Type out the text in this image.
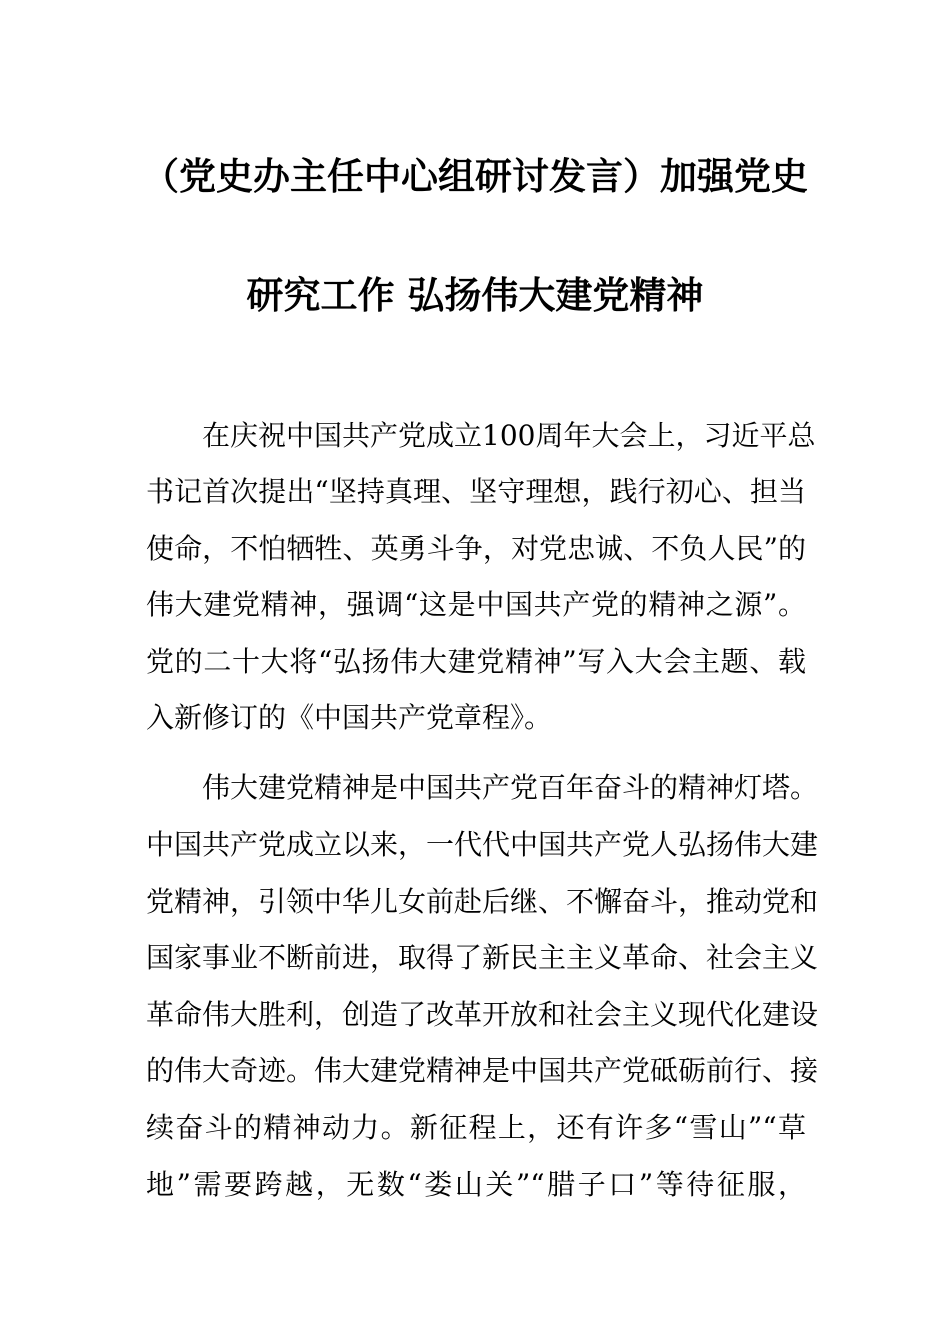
（党史办主任中心组研讨发言）加强党史
研究工作 弘扬伟大建党精神
在庆祝中国共产党成立100周年大会上，习近平总
书记首次提出“坚持真理、坚守理想，践行初心、担当
使命，不怕牺牲、英勇斗争，对党忠诚、不负人民”的
伟大建党精神，强调“这是中国共产党的精神之源”。
党的二十大将“弘扬伟大建党精神”写入大会主题、载
入新修订的《中国共产党章程》。
伟大建党精神是中国共产党百年奋斗的精神灯塔。
中国共产党成立以来，一代代中国共产党人弘扬伟大建
党精神，引领中华儿女前赴后继、不懈奋斗，推动党和
国家事业不断前进，取得了新民主主义革命、社会主义
革命伟大胜利，创造了改革开放和社会主义现代化建设
的伟大奇迹。伟大建党精神是中国共产党砥砺前行、接
续奋斗的精神动力。新征程上，还有许多“雪山”“草
地”需要跨越，无数“娄山关”“腊子口”等待征服，
